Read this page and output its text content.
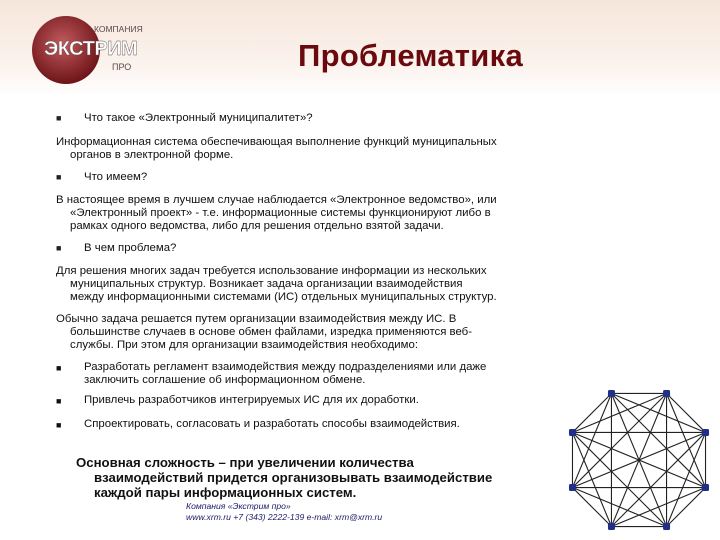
КОМПАНИЯ
ЭКСТРИМ
ПРО	Проблематика
■ Что такое «Электронный муниципалитет»?
Информационная система обеспечивающая выполнение функций муниципальных
органов в электронной форме.
■ Что имеем?
В настоящее время в лучшем случае наблюдается «Электронное ведомство», или
«Электронный проект» - т.е. информационные системы функционируют либо в
рамках одного ведомства, либо для решения отдельно взятой задачи.
■ В чем проблема?
Для решения многих задач требуется использование информации из нескольких
муниципальных структур. Возникает задача организации взаимодействия
между информационными системами (ИС) отдельных муниципальных структур.
Обычно задача решается путем организации взаимодействия между ИС. В
большинстве случаев в основе обмен файлами, изредка применяются веб-
службы. При этом для организации взаимодействия необходимо:
■ Разработать регламент взаимодействия между подразделениями или даже
заключить соглашение об информационном обмене.
■ Привлечь разработчиков интегрируемых ИС для их доработки.
■ Спроектировать, согласовать и разработать способы взаимодействия.
Основная сложность – при увеличении количества
взаимодействий придется организовывать взаимодействие
каждой пары информационных систем.
Компания «Экстрим про»
www.xrm.ru +7 (343) 2222-139 e-mail: xrm@xrm.ru
